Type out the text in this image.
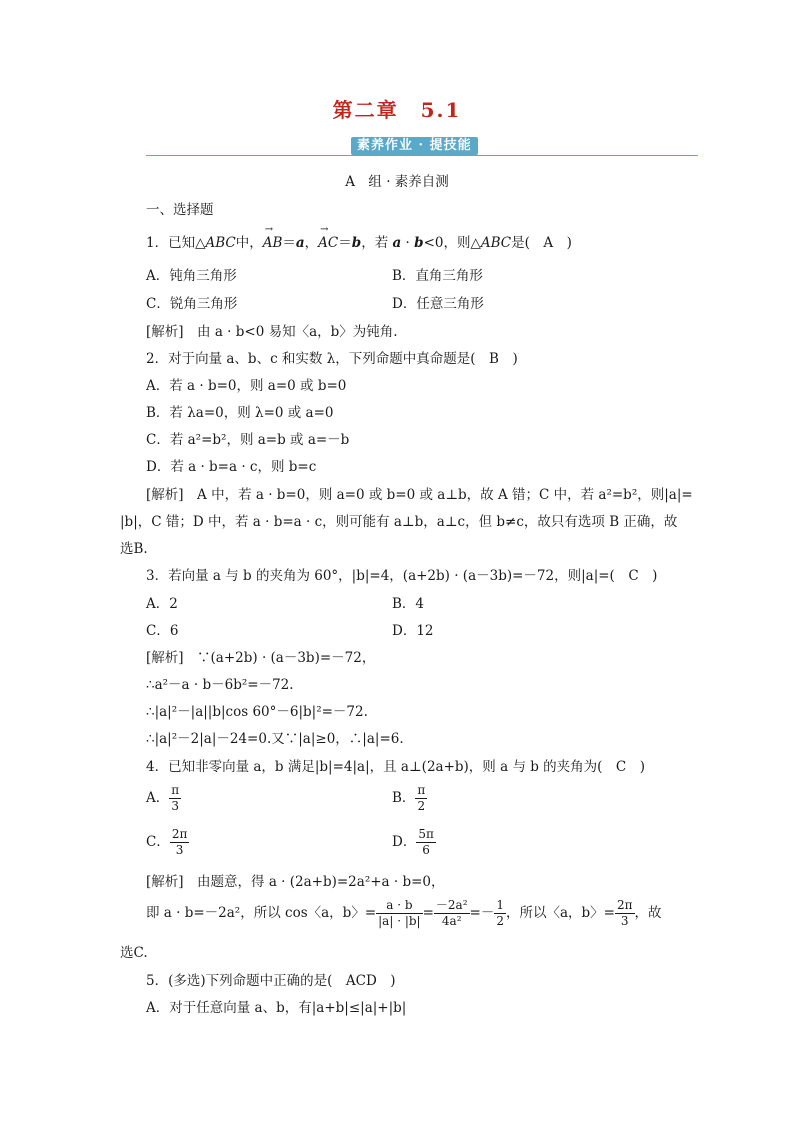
第二章　5.1
素养作业 · 提技能
A　组 · 素养自测
一、选择题
1．已知△ABC中，→ AB＝a，→ AC＝b，若 a · b<0，则△ABC是(　A　)
A．钝角三角形	B．直角三角形
C．锐角三角形	D．任意三角形
[解析]　 由 a · b<0 易知〈a，b〉为钝角.
2．对于向量 a、b、c 和实数 λ，下列命题中真命题是(　B　)
A．若 a · b=0，则 a=0 或 b=0
B．若 λa=0，则 λ=0 或 a=0
C．若 a²=b²，则 a=b 或 a=－b
D．若 a · b=a · c，则 b=c
[解析]　A 中，若 a · b=0，则 a=0 或 b=0 或 a⊥b，故 A 错；C 中，若 a²=b²，则|a|=
|b|，C 错；D 中，若 a · b=a · c，则可能有 a⊥b，a⊥c，但 b≠c，故只有选项 B 正确，故
选B.
3．若向量 a 与 b 的夹角为 60°，|b|=4，(a+2b) · (a－3b)=－72，则|a|=(　C　)
A．2	B．4
C．6	D．12
[解析]　∵(a+2b) · (a－3b)=－72，
∴a²－a · b－6b²=－72.
∴|a|²－|a||b|cos 60°－6|b|²=－72.
∴|a|²－2|a|－24=0.又∵|a|≥0，∴|a|=6.
4．已知非零向量 a，b 满足|b|=4|a|，且 a⊥(2a+b)，则 a 与 b 的夹角为(　C　)
A． $\frac{\pi}{3}$	B． $\frac{\pi}{2}$
C． $\frac{2\pi}{3}$	D． $\frac{5\pi}{6}$
[解析]　由题意，得 a · (2a+b)=2a²+a · b=0，
即 a · b=－2a²，所以 cos〈a，b〉= $\frac{a \cdot b}{|a| \cdot |b|} = \frac{\text{－2a²}}{\text{4a²}} =- \frac{1}{2}$ ，所以〈a，b〉= $\frac{2\pi}{3}$ ，故
选C.
5．(多选)下列命题中正确的是(　ACD　)
A．对于任意向量 a、b，有|a+b|≤|a|+|b|
